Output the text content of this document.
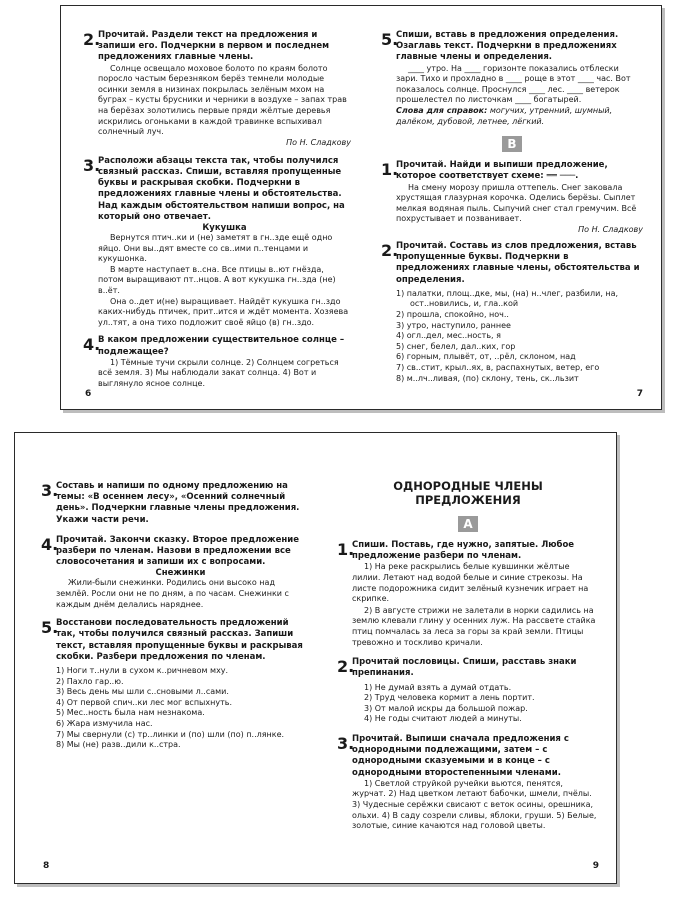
2.

Прочитай. Раздели текст на предложения и запиши его. Подчеркни в первом и последнем предложениях главные члены.

Солнце освещало моховое болото по краям болото поросло частым березняком берёз темнели молодые осинки земля в низинах покрылась зелёным мхом на буграх – кусты брусники и черники в воздухе – запах трав на берёзах золотились первые пряди жёлтые деревья искрились огоньками в каждой травинке вспыхивал солнечный луч.

По Н. Сладкову

3.

Расположи абзацы текста так, чтобы получился связный рассказ. Спиши, вставляя пропущенные буквы и раскрывая скобки. Подчеркни в предложениях главные члены и обстоятельства. Над каждым обстоятельством напиши вопрос, на который оно отвечает.

Кукушка

Вернутся птич..ки и (не) заметят в гн..зде ещё одно яйцо. Они вы..дят вместе со св..ими п..тенцами и кукушонка.

В марте наступает в..сна. Все птицы в..ют гнёзда, потом выращивают пт..нцов. А вот кукушка гн..зда (не) в..ёт.

Она о..дет и(не) выращивает. Найдёт кукушка гн..здо каких-нибудь птичек, прит..ится и ждёт момента. Хозяева ул..тят, а она тихо подложит своё яйцо (в) гн..здо.

4.

В каком предложении существительное солнце – подлежащее?

1) Тёмные тучи скрыли солнце. 2) Солнцем согреться всё земля. 3) Мы наблюдали закат солнца. 4) Вот и выглянуло ясное солнце.

6
5.

Спиши, вставь в предложения определения. Озаглавь текст. Подчеркни в предложениях главные члены и определения.

____ утро. На ____ горизонте показались отблески зари. Тихо и прохладно в ____ роще в этот ____ час. Вот показалось солнце. Проснулся ____ лес. ____ ветерок прошелестел по листочкам ____ богатырей.

Слова для справок: могучих, утренний, шумный, далёком, дубовой, летнее, лёгкий.

B
1.

Прочитай. Найди и выпиши предложение, которое соответствует схеме: ══ ───.

На смену морозу пришла оттепель. Снег заковала хрустящая глазурная корочка. Оделись берёзы. Сыплет мелкая водяная пыль. Сыпучий снег стал гремучим. Всё похрустывает и позванивает.

По Н. Сладкову

2.

Прочитай. Составь из слов предложения, вставь пропущенные буквы. Подчеркни в предложениях главные члены, обстоятельства и определения.

1) палатки, площ..дке, мы, (на) н..члег, разбили, на,
ост..новились, и, гла..кой
2) прошла, спокойно, ноч..
3) утро, наступило, раннее
4) огл..дел, мес..ность, я
5) снег, белел, дал..ких, гор
6) горным, плывёт, от, ..рёл, склоном, над
7) св..стит, крыл..ях, в, распахнутых, ветер, его
8) м..лч..ливая, (по) склону, тень, ск..льзит
7
3.

Составь и напиши по одному предложению на темы: «В осеннем лесу», «Осенний солнечный день». Подчеркни главные члены предложения. Укажи части речи.

4.

Прочитай. Закончи сказку. Второе предложение разбери по членам. Назови в предложении все словосочетания и запиши их с вопросами.

Снежинки

Жили-были снежинки. Родились они высоко над землёй. Росли они не по дням, а по часам. Снежинки с каждым днём делались наряднее.

5.

Восстанови последовательность предложений так, чтобы получился связный рассказ. Запиши текст, вставляя пропущенные буквы и раскрывая скобки. Разбери предложения по членам.

1) Ноги т..нули в сухом к..ричневом мху.
2) Пахло гар..ю.
3) Весь день мы шли с..сновыми л..сами.
4) От первой спич..ки лес мог вспыхнуть.
5) Мес..ность была нам незнакома.
6) Жара измучила нас.
7) Мы свернули (с) тр..линки и (по) шли (по) п..лянке.
8) Мы (не) разв..дили к..стра.
8

ОДНОРОДНЫЕ ЧЛЕНЫ

ПРЕДЛОЖЕНИЯ

A
1.

Спиши. Поставь, где нужно, запятые. Любое предложение разбери по членам.

1) На реке раскрылись белые кувшинки жёлтые лилии. Летают над водой белые и синие стрекозы. На листе подорожника сидит зелёный кузнечик играет на скрипке.

2) В августе стрижи не залетали в норки садились на землю клевали глину у осенних луж. На рассвете стайка птиц помчалась за леса за горы за край земли. Птицы тревожно и тоскливо кричали.

2.

Прочитай пословицы. Спиши, расставь знаки препинания.

1) Не думай взять а думай отдать.
2) Труд человека кормит а лень портит.
3) От малой искры да большой пожар.
4) Не годы считают людей а минуты.
3.

Прочитай. Выпиши сначала предложения с однородными подлежащими, затем – с однородными сказуемыми и в конце – с однородными второстепенными членами.

1) Светлой струйкой ручейки вьются, пенятся, журчат. 2) Над цветком летают бабочки, шмели, пчёлы. 3) Чудесные серёжки свисают с веток осины, орешника, ольхи. 4) В саду созрели сливы, яблоки, груши. 5) Белые, золотые, синие качаются над головой цветы.

9
